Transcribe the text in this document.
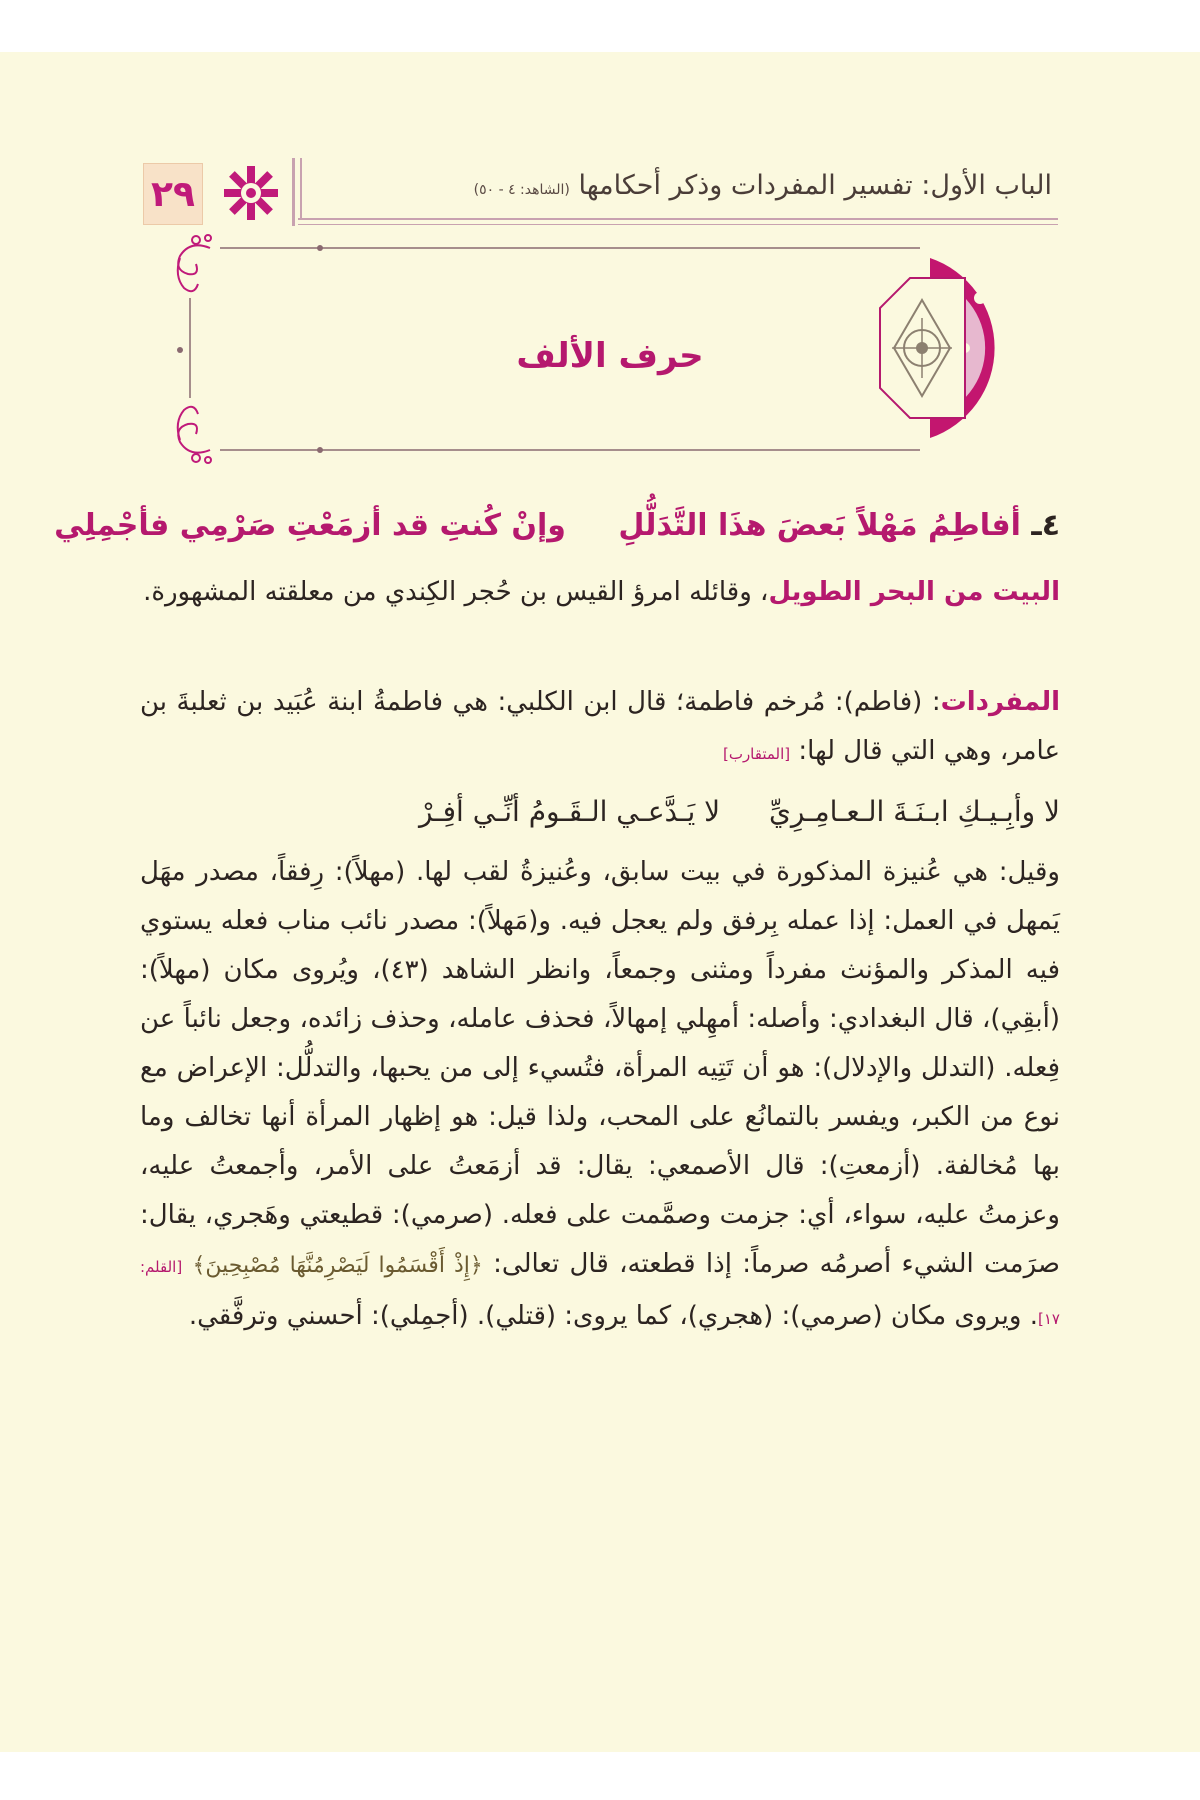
٢٩	الباب الأول: تفسير المفردات وذكر أحكامها (الشاهد: ٤ - ٥٠)
حرف الألف
٤ـ أفاطِمُ مَهْلاً بَعضَ هذَا التَّدَلُّلِ وإنْ كُنتِ قد أزمَعْتِ صَرْمِي فأجْمِلِي
البيت من البحر الطويل، وقائله امرؤ القيس بن حُجر الكِندي من معلقته المشهورة.
المفردات: (فاطم): مُرخم فاطمة؛ قال ابن الكلبي: هي فاطمةُ ابنة عُبَيد بن ثعلبةَ بن عامر، وهي التي قال لها: [المتقارب]
لا وأبِـيـكِ ابـنَـةَ الـعـامِـرِيِّ لا يَـدَّعـي الـقَـومُ أنِّـي أفِـرْ
وقيل: هي عُنيزة المذكورة في بيت سابق، وعُنيزةُ لقب لها. (مهلاً): رِفقاً، مصدر مهَل يَمهل في العمل: إذا عمله بِرفق ولم يعجل فيه. و(مَهلاً): مصدر نائب مناب فعله يستوي فيه المذكر والمؤنث مفرداً ومثنى وجمعاً، وانظر الشاهد (٤٣)، ويُروى مكان (مهلاً): (أبقِي)، قال البغدادي: وأصله: أمهِلي إمهالاً، فحذف عامله، وحذف زائده، وجعل نائباً عن فِعله. (التدلل والإدلال): هو أن تَتِيه المرأة، فتُسيء إلى من يحبها، والتدلُّل: الإعراض مع نوع من الكبر، ويفسر بالتمانُع على المحب، ولذا قيل: هو إظهار المرأة أنها تخالف وما بها مُخالفة. (أزمعتِ): قال الأصمعي: يقال: قد أزمَعتُ على الأمر، وأجمعتُ عليه، وعزمتُ عليه، سواء، أي: جزمت وصمَّمت على فعله. (صرمي): قطيعتي وهَجري، يقال: صرَمت الشيء أصرمُه صرماً: إذا قطعته، قال تعالى: ﴿إِذْ أَقْسَمُوا لَيَصْرِمُنَّهَا مُصْبِحِينَ﴾ [القلم: ١٧]. ويروى مكان (صرمي): (هجري)، كما يروى: (قتلي). (أجمِلي): أحسني وترفَّقي.
